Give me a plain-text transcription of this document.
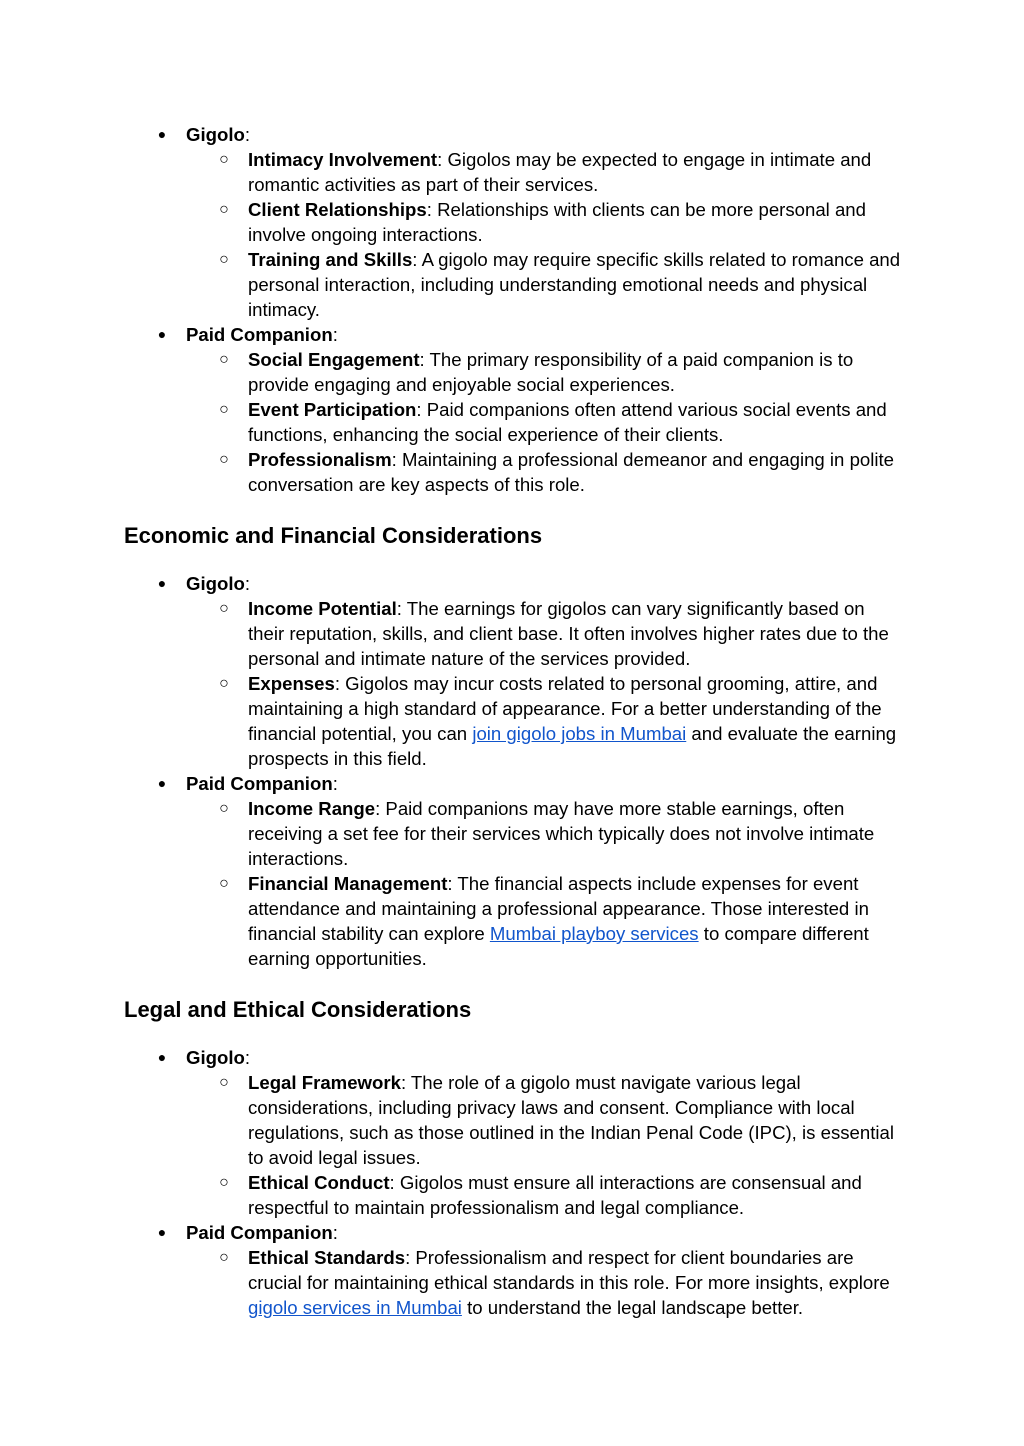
●	Gigolo:
○ Intimacy Involvement: Gigolos may be expected to engage in intimate and romantic activities as part of their services.
○ Client Relationships: Relationships with clients can be more personal and involve ongoing interactions.
○ Training and Skills: A gigolo may require specific skills related to romance and personal interaction, including understanding emotional needs and physical intimacy.
●	Paid Companion:
○ Social Engagement: The primary responsibility of a paid companion is to provide engaging and enjoyable social experiences.
○ Event Participation: Paid companions often attend various social events and functions, enhancing the social experience of their clients.
○ Professionalism: Maintaining a professional demeanor and engaging in polite conversation are key aspects of this role.
Economic and Financial Considerations
●	Gigolo:
○ Income Potential: The earnings for gigolos can vary significantly based on their reputation, skills, and client base. It often involves higher rates due to the personal and intimate nature of the services provided.
○ Expenses: Gigolos may incur costs related to personal grooming, attire, and maintaining a high standard of appearance. For a better understanding of the financial potential, you can join gigolo jobs in Mumbai and evaluate the earning prospects in this field.
●	Paid Companion:
○ Income Range: Paid companions may have more stable earnings, often receiving a set fee for their services which typically does not involve intimate interactions.
○ Financial Management: The financial aspects include expenses for event attendance and maintaining a professional appearance. Those interested in financial stability can explore Mumbai playboy services to compare different earning opportunities.
Legal and Ethical Considerations
●	Gigolo:
○ Legal Framework: The role of a gigolo must navigate various legal considerations, including privacy laws and consent. Compliance with local regulations, such as those outlined in the Indian Penal Code (IPC), is essential to avoid legal issues.
○ Ethical Conduct: Gigolos must ensure all interactions are consensual and respectful to maintain professionalism and legal compliance.
●	Paid Companion:
○ Ethical Standards: Professionalism and respect for client boundaries are crucial for maintaining ethical standards in this role. For more insights, explore gigolo services in Mumbai to understand the legal landscape better.
